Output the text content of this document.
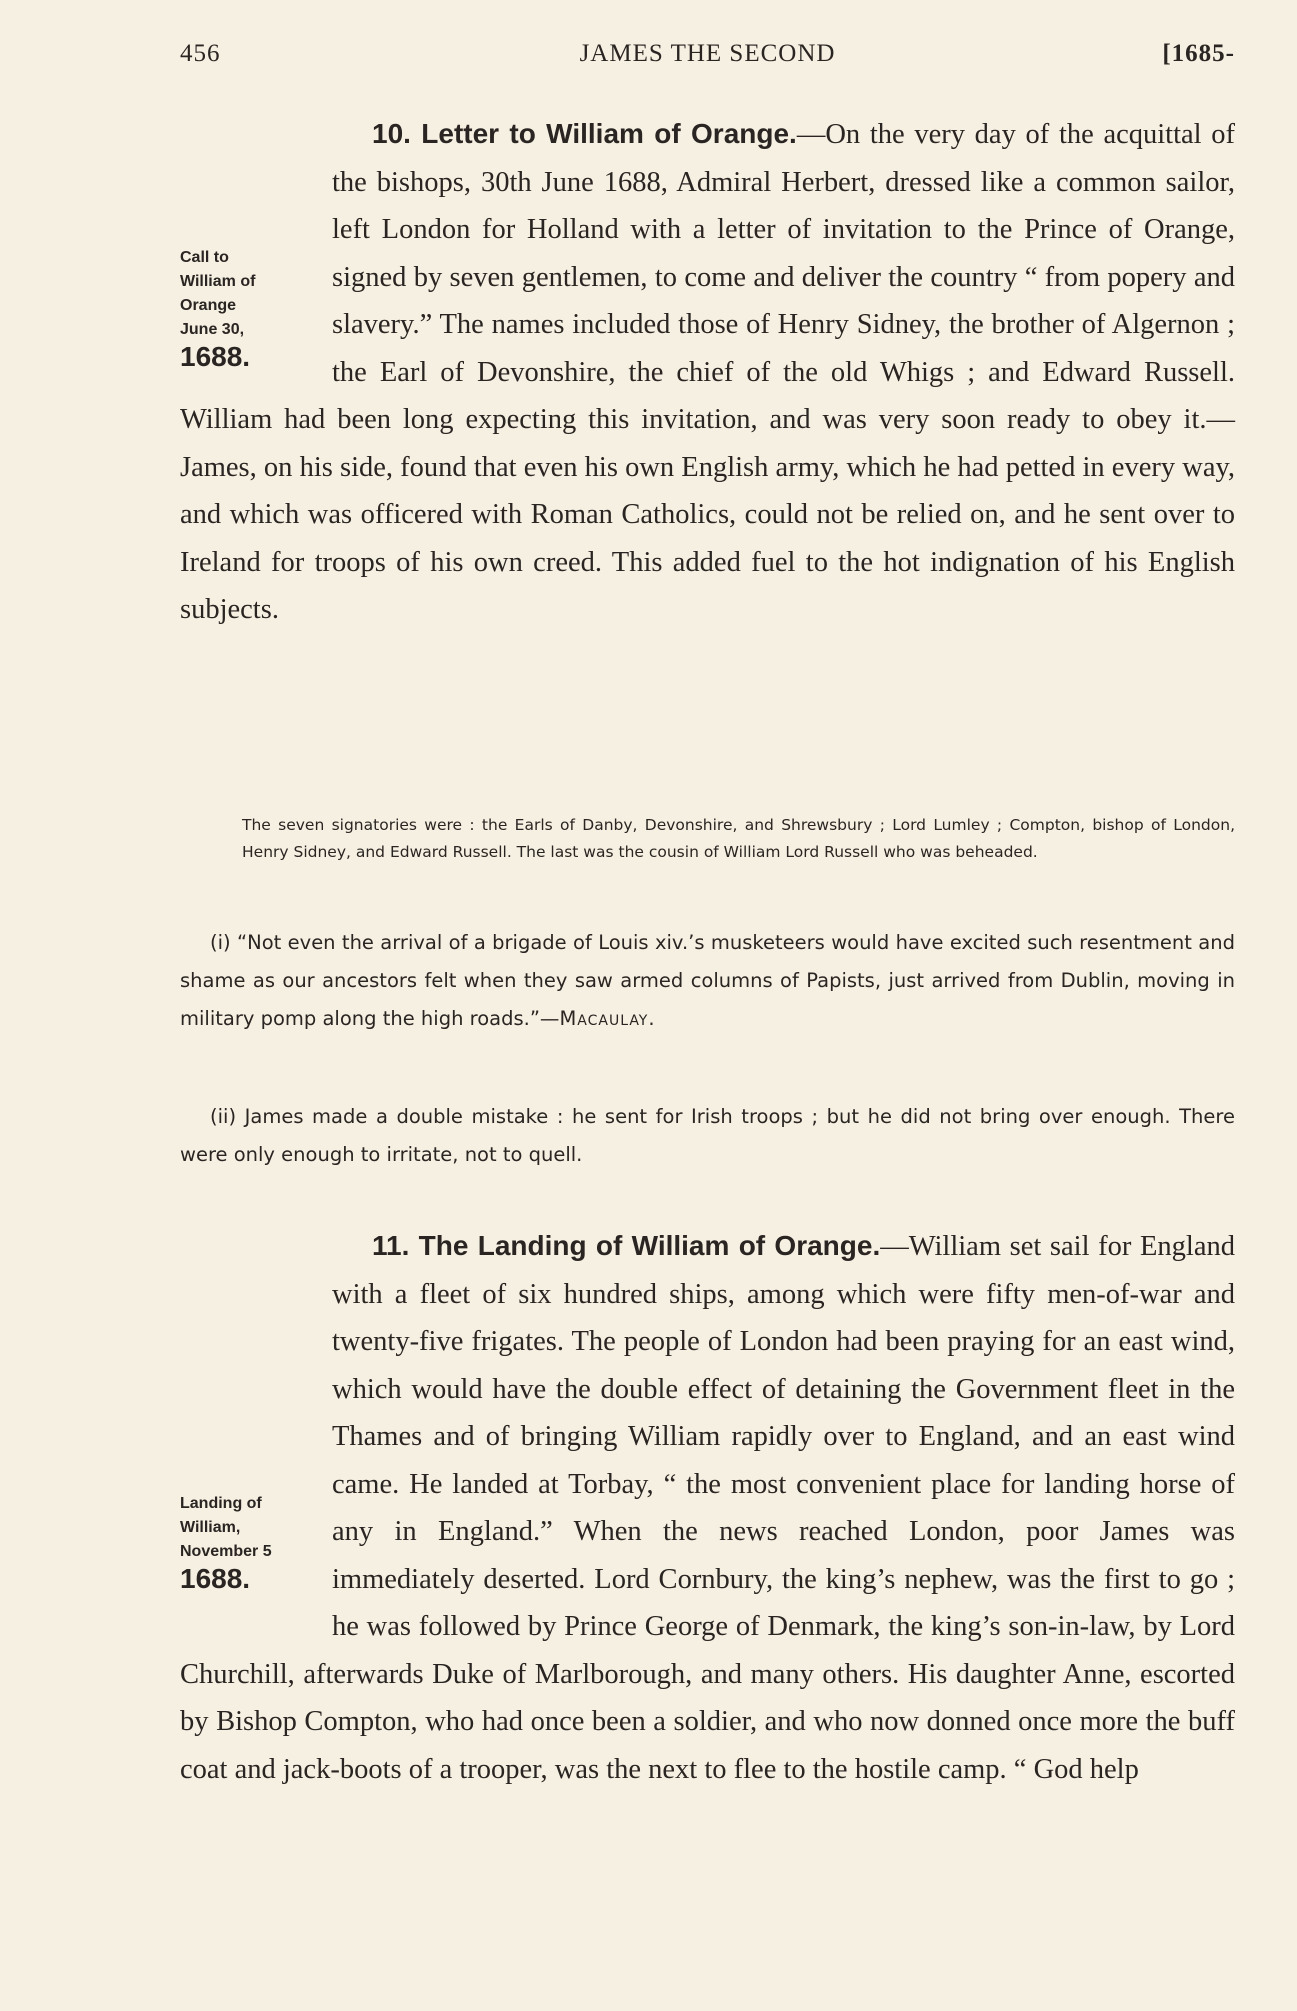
456	JAMES THE SECOND	[1685-
Call to
William of
Orange
June 30,
1688.

10. Letter to William of Orange.—On the very day of the acquittal of the bishops, 30th June 1688, Admiral Herbert, dressed like a common sailor, left London for Holland with a letter of invitation to the Prince of Orange, signed by seven gentlemen, to come and deliver the country “ from popery and slavery.” The names included those of Henry Sidney, the brother of Algernon ; the Earl of Devonshire, the chief of the old Whigs ; and Edward Russell. William had been long expecting this invitation, and was very soon ready to obey it.— James, on his side, found that even his own English army, which he had petted in every way, and which was officered with Roman Catholics, could not be relied on, and he sent over to Ireland for troops of his own creed. This added fuel to the hot indignation of his English subjects.

The seven signatories were : the Earls of Danby, Devonshire, and Shrewsbury ; Lord Lumley ; Compton, bishop of London, Henry Sidney, and Edward Russell. The last was the cousin of William Lord Russell who was beheaded.

(i) “Not even the arrival of a brigade of Louis xiv.’s musketeers would have excited such resentment and shame as our ancestors felt when they saw armed columns of Papists, just arrived from Dublin, moving in military pomp along the high roads.”—Macaulay.

(ii) James made a double mistake : he sent for Irish troops ; but he did not bring over enough. There were only enough to irritate, not to quell.

Landing of
William,
November 5
1688.

11. The Landing of William of Orange.—William set sail for England with a fleet of six hundred ships, among which were fifty men-of-war and twenty-five frigates. The people of London had been praying for an east wind, which would have the double effect of detaining the Government fleet in the Thames and of bringing William rapidly over to England, and an east wind came. He landed at Torbay, “ the most convenient place for landing horse of any in England.” When the news reached London, poor James was immediately deserted. Lord Cornbury, the king’s nephew, was the first to go ; he was followed by Prince George of Denmark, the king’s son-in-law, by Lord Churchill, afterwards Duke of Marlborough, and many others. His daughter Anne, escorted by Bishop Compton, who had once been a soldier, and who now donned once more the buff coat and jack-boots of a trooper, was the next to flee to the hostile camp. “ God help
